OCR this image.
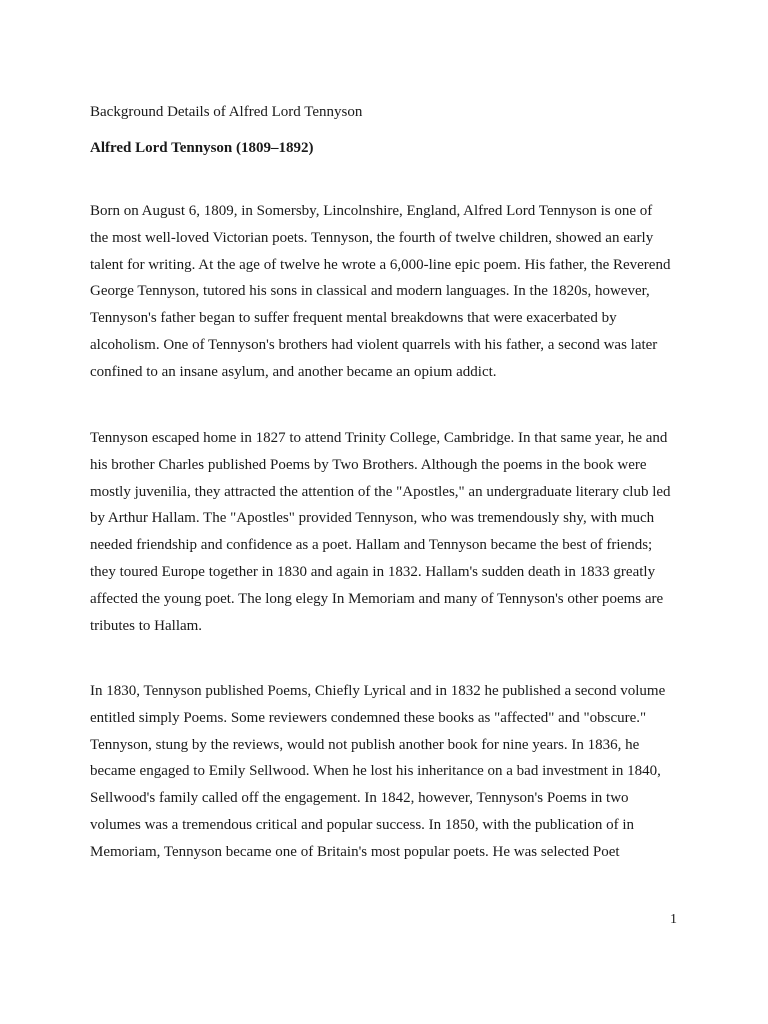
Background Details of Alfred Lord Tennyson

Alfred Lord Tennyson (1809–1892)

Born on August 6, 1809, in Somersby, Lincolnshire, England, Alfred Lord Tennyson is one of
the most well-loved Victorian poets. Tennyson, the fourth of twelve children, showed an early
talent for writing. At the age of twelve he wrote a 6,000-line epic poem. His father, the Reverend
George Tennyson, tutored his sons in classical and modern languages. In the 1820s, however,
Tennyson's father began to suffer frequent mental breakdowns that were exacerbated by
alcoholism. One of Tennyson's brothers had violent quarrels with his father, a second was later
confined to an insane asylum, and another became an opium addict.
Tennyson escaped home in 1827 to attend Trinity College, Cambridge. In that same year, he and
his brother Charles published Poems by Two Brothers. Although the poems in the book were
mostly juvenilia, they attracted the attention of the "Apostles," an undergraduate literary club led
by Arthur Hallam. The "Apostles" provided Tennyson, who was tremendously shy, with much
needed friendship and confidence as a poet. Hallam and Tennyson became the best of friends;
they toured Europe together in 1830 and again in 1832. Hallam's sudden death in 1833 greatly
affected the young poet. The long elegy In Memoriam and many of Tennyson's other poems are
tributes to Hallam.
In 1830, Tennyson published Poems, Chiefly Lyrical and in 1832 he published a second volume
entitled simply Poems. Some reviewers condemned these books as "affected" and "obscure."
Tennyson, stung by the reviews, would not publish another book for nine years. In 1836, he
became engaged to Emily Sellwood. When he lost his inheritance on a bad investment in 1840,
Sellwood's family called off the engagement. In 1842, however, Tennyson's Poems in two
volumes was a tremendous critical and popular success. In 1850, with the publication of in
Memoriam, Tennyson became one of Britain's most popular poets. He was selected Poet

1
